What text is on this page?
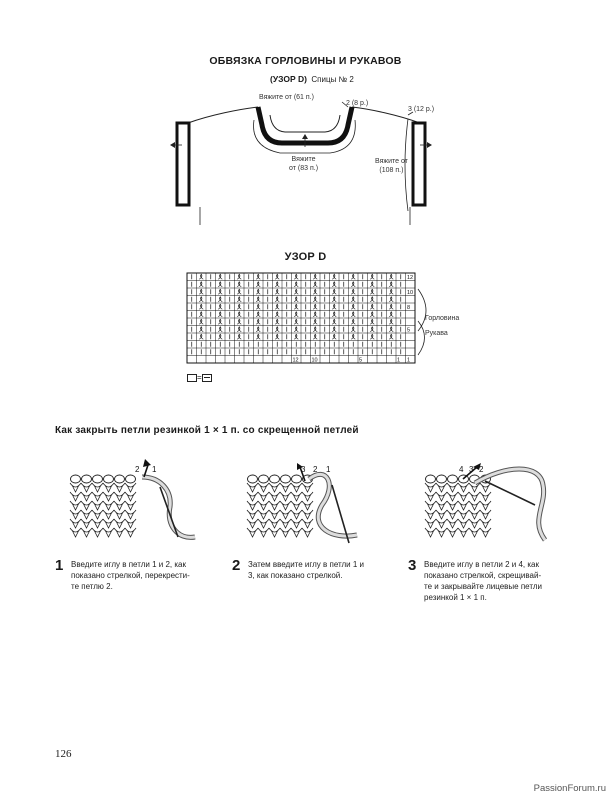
ОБВЯЗКА ГОРЛОВИНЫ И РУКАВОВ
(УЗОР D) Спицы № 2
Вяжите от (61 п.)
2 (8 р.)
3 (12 р.)
Вяжите
от (83 п.)
Вяжите от
(108 п.)
УЗОР D
12
10
8
5
1
12 10	5	1
Горловина
Рукава
=
Как закрыть петли резинкой 1 × 1 п. со скрещенной петлей
2 1	3 2 1	4 3 2
1 Введите иглу в петли 1 и 2, как
показано стрелкой, перекрести-
те петлю 2.
2 Затем введите иглу в петли 1 и
3, как показано стрелкой.
3 Введите иглу в петли 2 и 4, как
показано стрелкой, скрещивай-
те и закрывайте лицевые петли
резинкой 1 × 1 п.
126
PassionForum.ru
